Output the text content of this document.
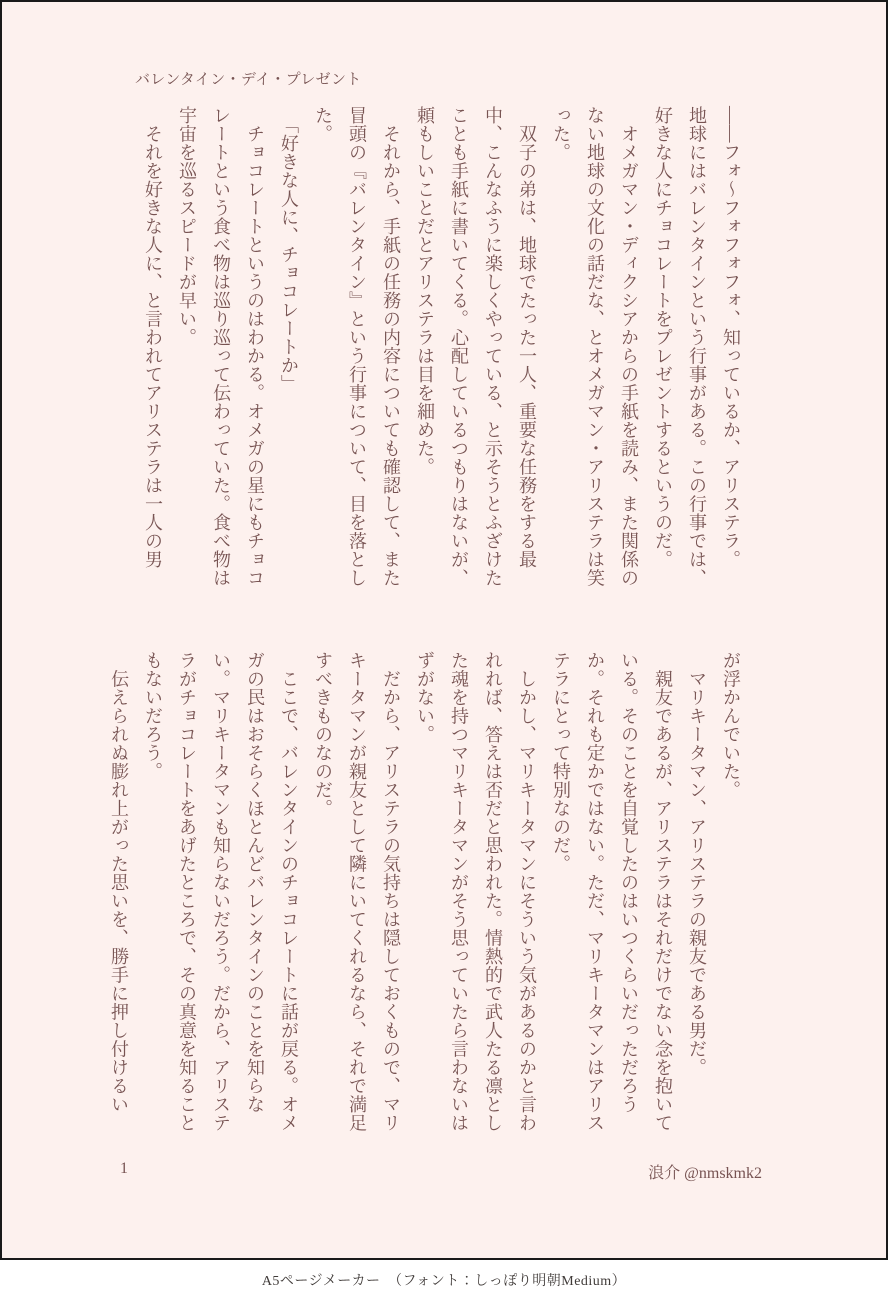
バレンタイン・デイ・プレゼント

――フォ～フォフォフォ、知っているか、アリステラ。

地球にはバレンタインという行事がある。この行事では、好きな人にチョコレートをプレゼントするというのだ。

　オメガマン・ディクシアからの手紙を読み、また関係のない地球の文化の話だな、とオメガマン・アリステラは笑った。

　双子の弟は、地球でたった一人、重要な任務をする最中、こんなふうに楽しくやっている、と示そうとふざけたことも手紙に書いてくる。心配しているつもりはないが、頼もしいことだとアリステラは目を細めた。

　それから、手紙の任務の内容についても確認して、また冒頭の『バレンタイン』という行事について、目を落とした。

　「好きな人に、チョコレートか」

　チョコレートというのはわかる。オメガの星にもチョコレートという食べ物は巡り巡って伝わっていた。食べ物は宇宙を巡るスピードが早い。

　それを好きな人に、と言われてアリステラは一人の男

が浮かんでいた。

　マリキータマン、アリステラの親友である男だ。

　親友であるが、アリステラはそれだけでない念を抱いている。そのことを自覚したのはいつくらいだっただろうか。それも定かではない。ただ、マリキータマンはアリステラにとって特別なのだ。

　しかし、マリキータマンにそういう気があるのかと言われれば、答えは否だと思われた。情熱的で武人たる凛とした魂を持つマリキータマンがそう思っていたら言わないはずがない。

　だから、アリステラの気持ちは隠しておくもので、マリキータマンが親友として隣にいてくれるなら、それで満足すべきものなのだ。

　ここで、バレンタインのチョコレートに話が戻る。オメガの民はおそらくほとんどバレンタインのことを知らない。マリキータマンも知らないだろう。だから、アリステラがチョコレートをあげたところで、その真意を知ることもないだろう。

　伝えられぬ膨れ上がった思いを、勝手に押し付けるい

1	浪介 @nmskmk2
A5ページメーカー　（フォント：しっぽり明朝Medium）
